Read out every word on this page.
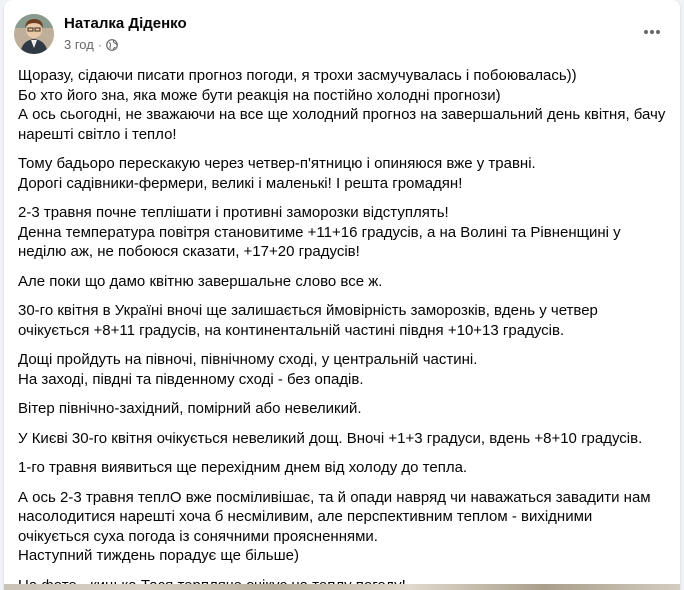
Наталка Діденко
3 год ·
Щоразу, сідаючи писати прогноз погоди, я трохи засмучувалась і побоювалась))
Бо хто його зна, яка може бути реакція на постійно холодні прогнози)
А ось сьогодні, не зважаючи на все ще холодний прогноз на завершальний день квітня, бачу нарешті світло і тепло!
Тому бадьоро перескакую через четвер-п'ятницю і опиняюся вже у травні.
Дорогі садівники-фермери, великі і маленькі! І решта громадян!
2-3 травня почне теплішати і противні заморозки відступлять!
Денна температура повітря становитиме +11+16 градусів, а на Волині та Рівненщині у неділю аж, не побоюся сказати, +17+20 градусів!
Але поки що дамо квітню завершальне слово все ж.
30-го квітня в Україні вночі ще залишається ймовірність заморозків, вдень у четвер очікується +8+11 градусів, на континентальній частині півдня +10+13 градусів.
Дощі пройдуть на півночі, північному сході, у центральній частині.
На заході, півдні та південному сході - без опадів.
Вітер північно-західний, помірний або невеликий.
У Києві 30-го квітня очікується невеликий дощ. Вночі +1+3 градуси, вдень +8+10 градусів.
1-го травня виявиться ще перехідним днем від холоду до тепла.
А ось 2-3 травня теплО вже посміливішає, та й опади навряд чи наважаться завадити нам насолодитися нарешті хоча б несміливим, але перспективним теплом - вихідними очікується суха погода із сонячними проясненнями.
Наступний тиждень порадує ще більше)
